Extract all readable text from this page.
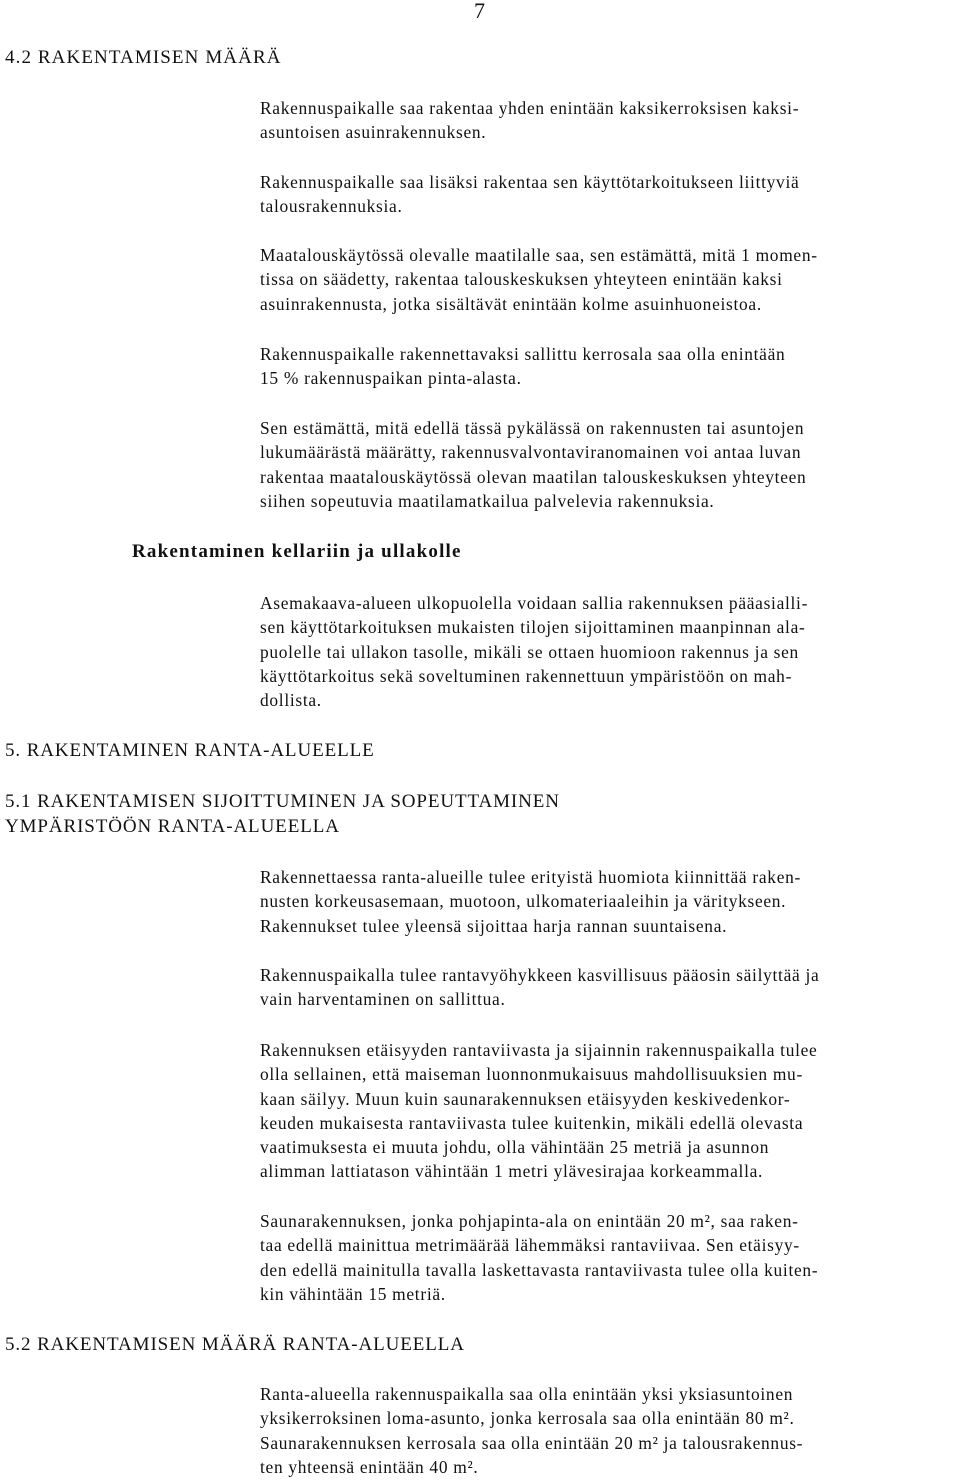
7
4.2 RAKENTAMISEN MÄÄRÄ
Rakennuspaikalle saa rakentaa yhden enintään kaksikerroksisen kaksi-
asuntoisen asuinrakennuksen.
Rakennuspaikalle saa lisäksi rakentaa sen käyttötarkoitukseen liittyviä
talousrakennuksia.
Maatalouskäytössä olevalle maatilalle saa, sen estämättä, mitä 1 momen-
tissa on säädetty, rakentaa talouskeskuksen yhteyteen enintään kaksi
asuinrakennusta, jotka sisältävät enintään kolme asuinhuoneistoa.
Rakennuspaikalle rakennettavaksi sallittu kerrosala saa olla enintään
15 % rakennuspaikan pinta-alasta.
Sen estämättä, mitä edellä tässä pykälässä on rakennusten tai asuntojen
lukumäärästä määrätty, rakennusvalvontaviranomainen voi antaa luvan
rakentaa maatalouskäytössä olevan maatilan talouskeskuksen yhteyteen
siihen sopeutuvia maatilamatkailua palvelevia rakennuksia.
Rakentaminen kellariin ja ullakolle
Asemakaava-alueen ulkopuolella voidaan sallia rakennuksen pääasialli-
sen käyttötarkoituksen mukaisten tilojen sijoittaminen maanpinnan ala-
puolelle tai ullakon tasolle, mikäli se ottaen huomioon rakennus ja sen
käyttötarkoitus sekä soveltuminen rakennettuun ympäristöön on mah-
dollista.
5. RAKENTAMINEN RANTA-ALUEELLE
5.1 RAKENTAMISEN SIJOITTUMINEN JA SOPEUTTAMINEN
YMPÄRISTÖÖN RANTA-ALUEELLA
Rakennettaessa ranta-alueille tulee erityistä huomiota kiinnittää raken-
nusten korkeusasemaan, muotoon, ulkomateriaaleihin ja väritykseen.
Rakennukset tulee yleensä sijoittaa harja rannan suuntaisena.
Rakennuspaikalla tulee rantavyöhykkeen kasvillisuus pääosin säilyttää ja
vain harventaminen on sallittua.
Rakennuksen etäisyyden rantaviivasta ja sijainnin rakennuspaikalla tulee
olla sellainen, että maiseman luonnonmukaisuus mahdollisuuksien mu-
kaan säilyy. Muun kuin saunarakennuksen etäisyyden keskivedenkor-
keuden mukaisesta rantaviivasta tulee kuitenkin, mikäli edellä olevasta
vaatimuksesta ei muuta johdu, olla vähintään 25 metriä ja asunnon
alimman lattiatason vähintään 1 metri ylävesirajaa korkeammalla.
Saunarakennuksen, jonka pohjapinta-ala on enintään 20 m², saa raken-
taa edellä mainittua metrimäärää lähemmäksi rantaviivaa. Sen etäisyy-
den edellä mainitulla tavalla laskettavasta rantaviivasta tulee olla kuiten-
kin vähintään 15 metriä.
5.2 RAKENTAMISEN MÄÄRÄ RANTA-ALUEELLA
Ranta-alueella rakennuspaikalla saa olla enintään yksi yksiasuntoinen
yksikerroksinen loma-asunto, jonka kerrosala saa olla enintään 80 m².
Saunarakennuksen kerrosala saa olla enintään 20 m² ja talousrakennus-
ten yhteensä enintään 40 m².
